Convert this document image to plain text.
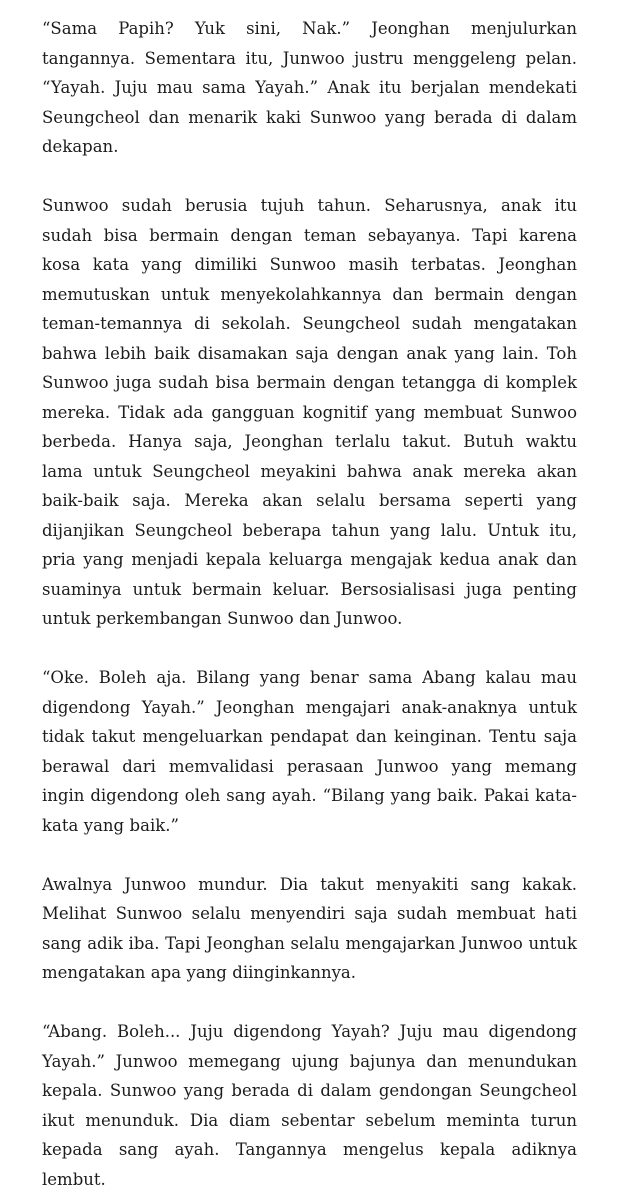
“Sama Papih? Yuk sini, Nak.” Jeonghan menjulurkan tangannya. Sementara itu, Junwoo justru menggeleng pelan. “Yayah. Juju mau sama Yayah.” Anak itu berjalan mendekati Seungcheol dan menarik kaki Sunwoo yang berada di dalam dekapan.

Sunwoo sudah berusia tujuh tahun. Seharusnya, anak itu sudah bisa bermain dengan teman sebayanya. Tapi karena kosa kata yang dimiliki Sunwoo masih terbatas. Jeonghan memutuskan untuk menyekolahkannya dan bermain dengan teman-temannya di sekolah. Seungcheol sudah mengatakan bahwa lebih baik disamakan saja dengan anak yang lain. Toh Sunwoo juga sudah bisa bermain dengan tetangga di komplek mereka. Tidak ada gangguan kognitif yang membuat Sunwoo berbeda. Hanya saja, Jeonghan terlalu takut. Butuh waktu lama untuk Seungcheol meyakini bahwa anak mereka akan baik-baik saja. Mereka akan selalu bersama seperti yang dijanjikan Seungcheol beberapa tahun yang lalu. Untuk itu, pria yang menjadi kepala keluarga mengajak kedua anak dan suaminya untuk bermain keluar. Bersosialisasi juga penting untuk perkembangan Sunwoo dan Junwoo.

“Oke. Boleh aja. Bilang yang benar sama Abang kalau mau digendong Yayah.” Jeonghan mengajari anak-anaknya untuk tidak takut mengeluarkan pendapat dan keinginan. Tentu saja berawal dari memvalidasi perasaan Junwoo yang memang ingin digendong oleh sang ayah. “Bilang yang baik. Pakai kata-kata yang baik.”

Awalnya Junwoo mundur. Dia takut menyakiti sang kakak. Melihat Sunwoo selalu menyendiri saja sudah membuat hati sang adik iba. Tapi Jeonghan selalu mengajarkan Junwoo untuk mengatakan apa yang diinginkannya.

“Abang. Boleh... Juju digendong Yayah? Juju mau digendong Yayah.” Junwoo memegang ujung bajunya dan menundukan kepala. Sunwoo yang berada di dalam gendongan Seungcheol ikut menunduk. Dia diam sebentar sebelum meminta turun kepada sang ayah. Tangannya mengelus kepala adiknya lembut.
